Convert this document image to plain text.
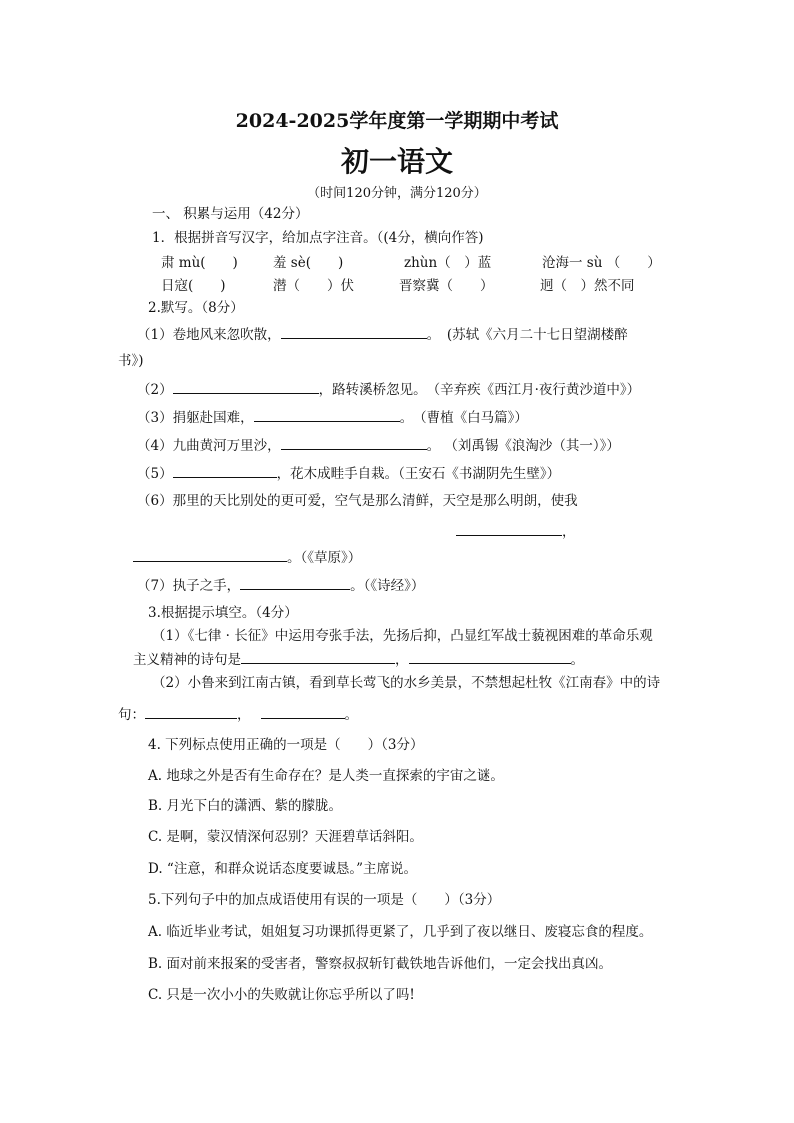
2024-2025学年度第一学期期中考试
初一语文
（时间120分钟，满分120分）
一、 积累与运用（42分）
1．根据拼音写汉字，给加点字注音。（(4分，横向作答)
肃 mù(　　)	羞 sè(　　)	zhùn（　）蓝	沧海一 sù （　　）
日寇(　　)	潜（　　）伏	晋察冀（　　）	迥（　）然不同
2.默写。（8分）
（1）卷地风来忽吹散，	。　(苏轼《六月二十七日望湖楼醉
书》)
（2）	，路转溪桥忽见。　（辛弃疾《西江月·夜行黄沙道中》）
（3）捐躯赴国难，	。　（曹植《白马篇》）
（4）九曲黄河万里沙，	。 （刘禹锡《浪淘沙（其一）》）
（5）	，花木成畦手自栽。（王安石《书湖阴先生壁》）
（6）那里的天比别处的更可爱，空气是那么清鲜，天空是那么明朗，使我
，
。（《草原》）
（7）执子之手，	。（《诗经》）
3.根据提示填空。（4分）
（1）《七律 · 长征》中运用夸张手法，先扬后抑，凸显红军战士藐视困难的革命乐观
主义精神的诗句是	，	。
（2）小鲁来到江南古镇，看到草长莺飞的水乡美景，不禁想起杜牧《江南春》中的诗
句：	，	。
4. 下列标点使用正确的一项是（　　）（3分）
A. 地球之外是否有生命存在？是人类一直探索的宇宙之谜。
B. 月光下白的潇洒、紫的朦胧。
C. 是啊，蒙汉情深何忍别？天涯碧草话斜阳。
D. “注意，和群众说话态度要诚恳。”主席说。
5.下列句子中的加点成语使用有误的一项是（　　）（3分）
A. 临近毕业考试，姐姐复习功课抓得更紧了，几乎到了夜以继日、废寝忘食的程度。
B. 面对前来报案的受害者，警察叔叔斩钉截铁地告诉他们，一定会找出真凶。
C. 只是一次小小的失败就让你忘乎所以了吗!
